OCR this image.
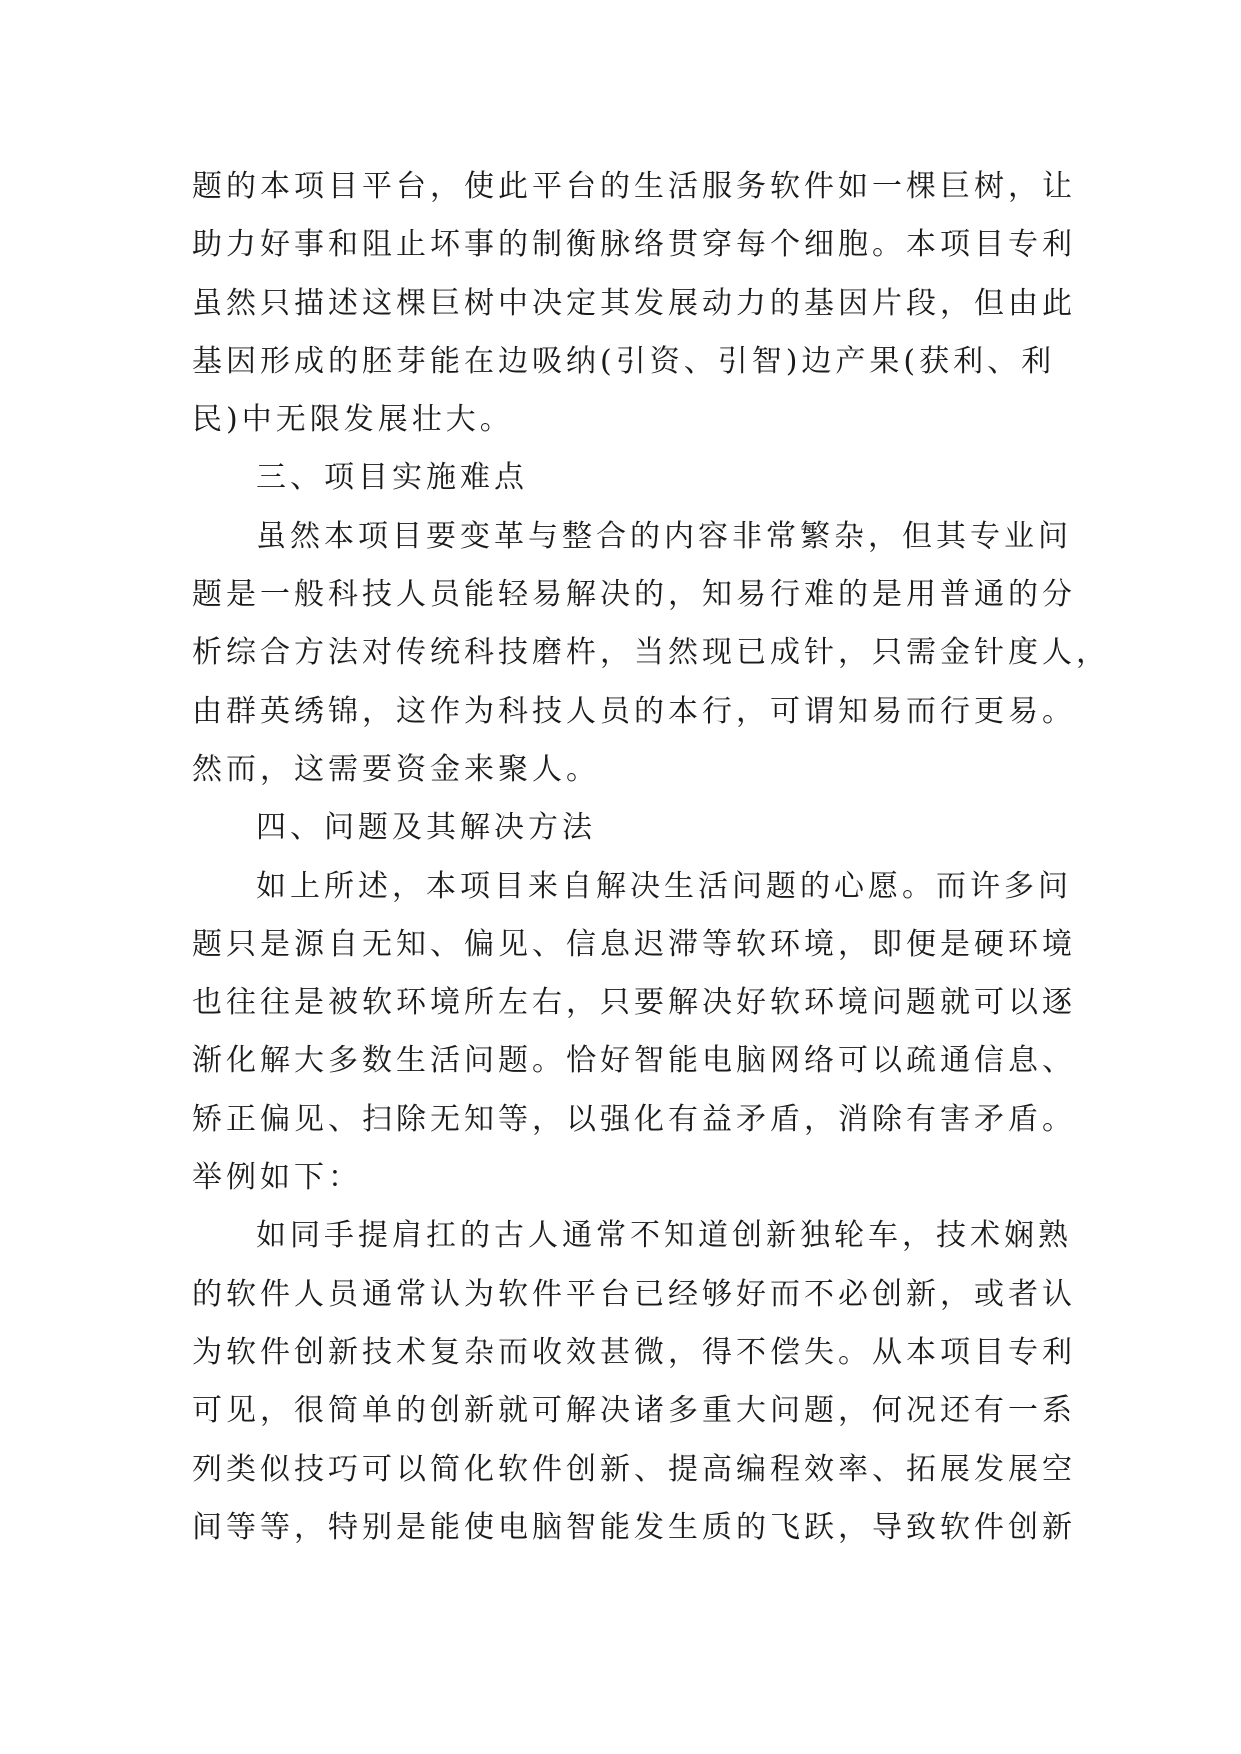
题的本项目平台，使此平台的生活服务软件如一棵巨树，让
助力好事和阻止坏事的制衡脉络贯穿每个细胞。本项目专利
虽然只描述这棵巨树中决定其发展动力的基因片段，但由此
基因形成的胚芽能在边吸纳(引资、引智)边产果(获利、利
民)中无限发展壮大。
三、项目实施难点
虽然本项目要变革与整合的内容非常繁杂，但其专业问
题是一般科技人员能轻易解决的，知易行难的是用普通的分
析综合方法对传统科技磨杵，当然现已成针，只需金针度人，
由群英绣锦，这作为科技人员的本行，可谓知易而行更易。
然而，这需要资金来聚人。
四、问题及其解决方法
如上所述，本项目来自解决生活问题的心愿。而许多问
题只是源自无知、偏见、信息迟滞等软环境，即便是硬环境
也往往是被软环境所左右，只要解决好软环境问题就可以逐
渐化解大多数生活问题。恰好智能电脑网络可以疏通信息、
矫正偏见、扫除无知等，以强化有益矛盾，消除有害矛盾。
举例如下：
如同手提肩扛的古人通常不知道创新独轮车，技术娴熟
的软件人员通常认为软件平台已经够好而不必创新，或者认
为软件创新技术复杂而收效甚微，得不偿失。从本项目专利
可见，很简单的创新就可解决诸多重大问题，何况还有一系
列类似技巧可以简化软件创新、提高编程效率、拓展发展空
间等等，特别是能使电脑智能发生质的飞跃，导致软件创新
